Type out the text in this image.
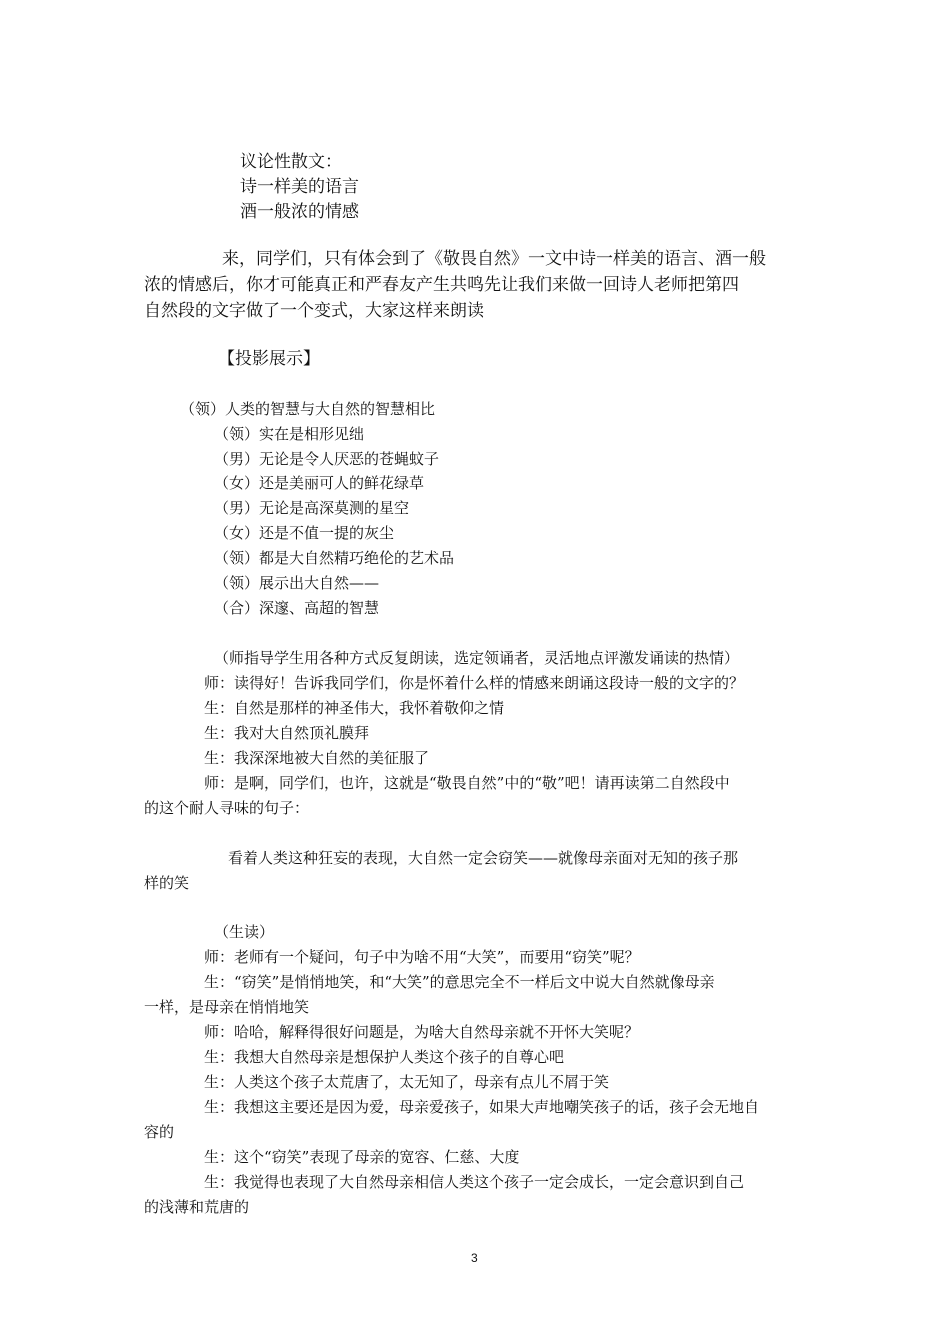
议论性散文：
诗一样美的语言
酒一般浓的情感
来，同学们，只有体会到了《敬畏自然》一文中诗一样美的语言、酒一般
浓的情感后，你才可能真正和严春友产生共鸣先让我们来做一回诗人老师把第四
自然段的文字做了一个变式，大家这样来朗读
【投影展示】
（领）人类的智慧与大自然的智慧相比
（领）实在是相形见绌
（男）无论是令人厌恶的苍蝇蚊子
（女）还是美丽可人的鲜花绿草
（男）无论是高深莫测的星空
（女）还是不值一提的灰尘
（领）都是大自然精巧绝伦的艺术品
（领）展示出大自然——
（合）深邃、高超的智慧
（师指导学生用各种方式反复朗读，选定领诵者，灵活地点评激发诵读的热情）
师：读得好！告诉我同学们，你是怀着什么样的情感来朗诵这段诗一般的文字的？
生：自然是那样的神圣伟大，我怀着敬仰之情
生：我对大自然顶礼膜拜
生：我深深地被大自然的美征服了
师：是啊，同学们，也许，这就是“敬畏自然”中的“敬”吧！请再读第二自然段中
的这个耐人寻味的句子：
看着人类这种狂妄的表现，大自然一定会窃笑——就像母亲面对无知的孩子那
样的笑
（生读）
师：老师有一个疑问，句子中为啥不用“大笑”，而要用“窃笑”呢？
生：“窃笑”是悄悄地笑，和“大笑”的意思完全不一样后文中说大自然就像母亲
一样，是母亲在悄悄地笑
师：哈哈，解释得很好问题是，为啥大自然母亲就不开怀大笑呢？
生：我想大自然母亲是想保护人类这个孩子的自尊心吧
生：人类这个孩子太荒唐了，太无知了，母亲有点儿不屑于笑
生：我想这主要还是因为爱，母亲爱孩子，如果大声地嘲笑孩子的话，孩子会无地自
容的
生：这个“窃笑”表现了母亲的宽容、仁慈、大度
生：我觉得也表现了大自然母亲相信人类这个孩子一定会成长，一定会意识到自己
的浅薄和荒唐的
3
